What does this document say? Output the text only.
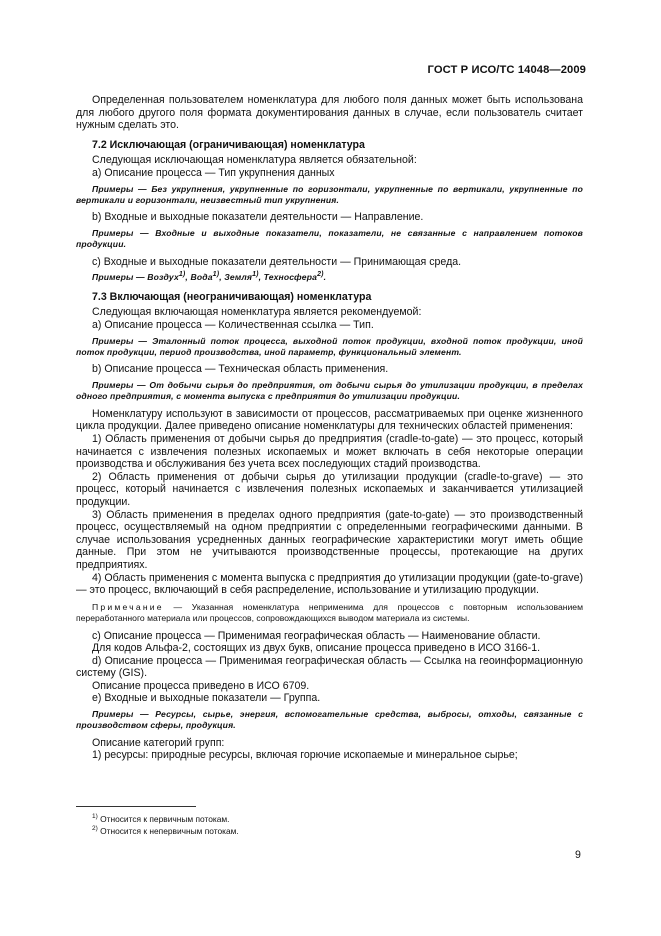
ГОСТ Р ИСО/ТС 14048—2009

Определенная пользователем номенклатура для любого поля данных может быть использована для любого другого поля формата документирования данных в случае, если пользователь считает нужным сделать это.

7.2 Исключающая (ограничивающая) номенклатура

Следующая исключающая номенклатура является обязательной:

а) Описание процесса — Тип укрупнения данных

Примеры — Без укрупнения, укрупненные по горизонтали, укрупненные по вертикали, укрупненные по вертикали и горизонтали, неизвестный тип укрупнения.

b) Входные и выходные показатели деятельности — Направление.

Примеры — Входные и выходные показатели, показатели, не связанные с направлением потоков продукции.

с) Входные и выходные показатели деятельности — Принимающая среда.

Примеры — Воздух$^{1)}$, Вода$^{1)}$, Земля$^{1)}$, Техносфера$^{2)}$.

7.3 Включающая (неограничивающая) номенклатура

Следующая включающая номенклатура является рекомендуемой:

а) Описание процесса — Количественная ссылка — Тип.

Примеры — Эталонный поток процесса, выходной поток продукции, входной поток продукции, иной поток продукции, период производства, иной параметр, функциональный элемент.

b) Описание процесса — Техническая область применения.

Примеры — От добычи сырья до предприятия, от добычи сырья до утилизации продукции, в пределах одного предприятия, с момента выпуска с предприятия до утилизации продукции.

Номенклатуру используют в зависимости от процессов, рассматриваемых при оценке жизненного цикла продукции. Далее приведено описание номенклатуры для технических областей применения:

1) Область применения от добычи сырья до предприятия (cradle-to-gate) — это процесс, который начинается с извлечения полезных ископаемых и может включать в себя некоторые операции производства и обслуживания без учета всех последующих стадий производства.

2) Область применения от добычи сырья до утилизации продукции (cradle-to-grave) — это процесс, который начинается с извлечения полезных ископаемых и заканчивается утилизацией продукции.

3) Область применения в пределах одного предприятия (gate-to-gate) — это производственный процесс, осуществляемый на одном предприятии с определенными географическими данными. В случае использования усредненных данных географические характеристики могут иметь общие данные. При этом не учитываются производственные процессы, протекающие на других предприятиях.

4) Область применения с момента выпуска с предприятия до утилизации продукции (gate-to-grave) — это процесс, включающий в себя распределение, использование и утилизацию продукции.

Примечание — Указанная номенклатура неприменима для процессов с повторным использованием переработанного материала или процессов, сопровождающихся выводом материала из системы.

с) Описание процесса — Применимая географическая область — Наименование области.

Для кодов Альфа-2, состоящих из двух букв, описание процесса приведено в ИСО 3166-1.

d) Описание процесса — Применимая географическая область — Ссылка на геоинформационную систему (GIS).

Описание процесса приведено в ИСО 6709.

е) Входные и выходные показатели — Группа.

Примеры — Ресурсы, сырье, энергия, вспомогательные средства, выбросы, отходы, связанные с производством сферы, продукция.

Описание категорий групп:

1) ресурсы: природные ресурсы, включая горючие ископаемые и минеральное сырье;

$^{1)}$ Относится к первичным потокам.
$^{2)}$ Относится к непервичным потокам.
9
